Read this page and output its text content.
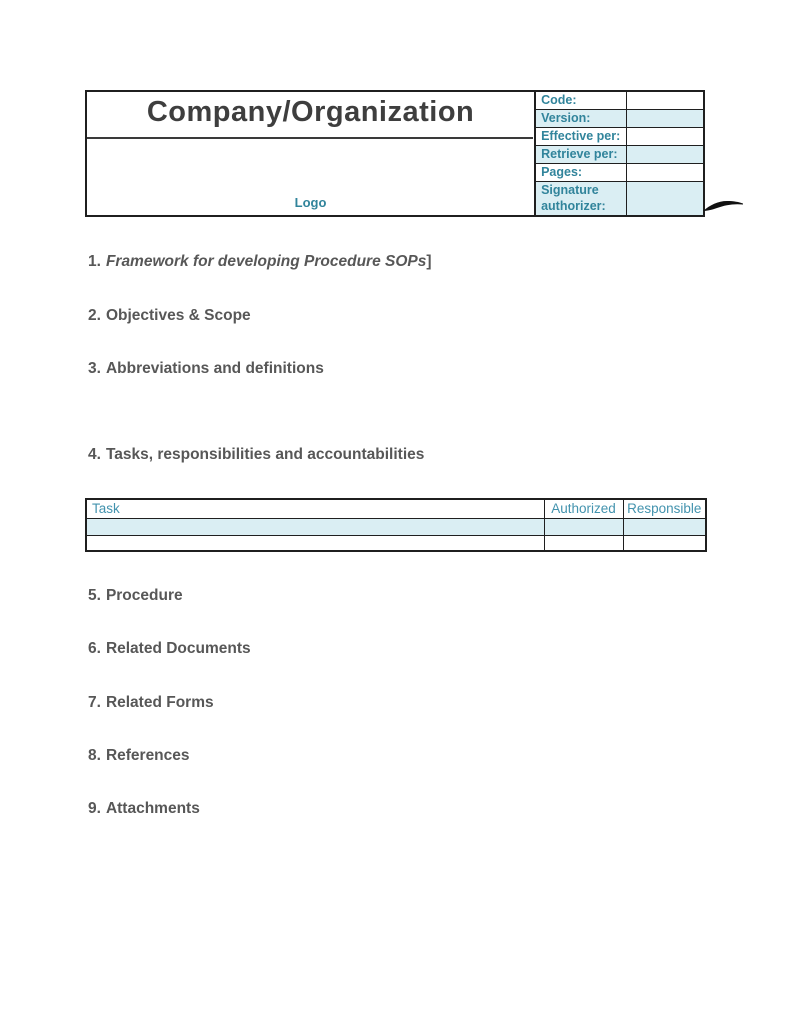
Company/Organization
Logo
Code:
Version:
Effective per:
Retrieve per:
Pages:
Signature authorizer:
1. Framework for developing Procedure SOPs]
2. Objectives & Scope
3. Abbreviations and definitions
4. Tasks, responsibilities and accountabilities
Task	Authorized	Responsible

5. Procedure
6. Related Documents
7. Related Forms
8. References
9. Attachments
